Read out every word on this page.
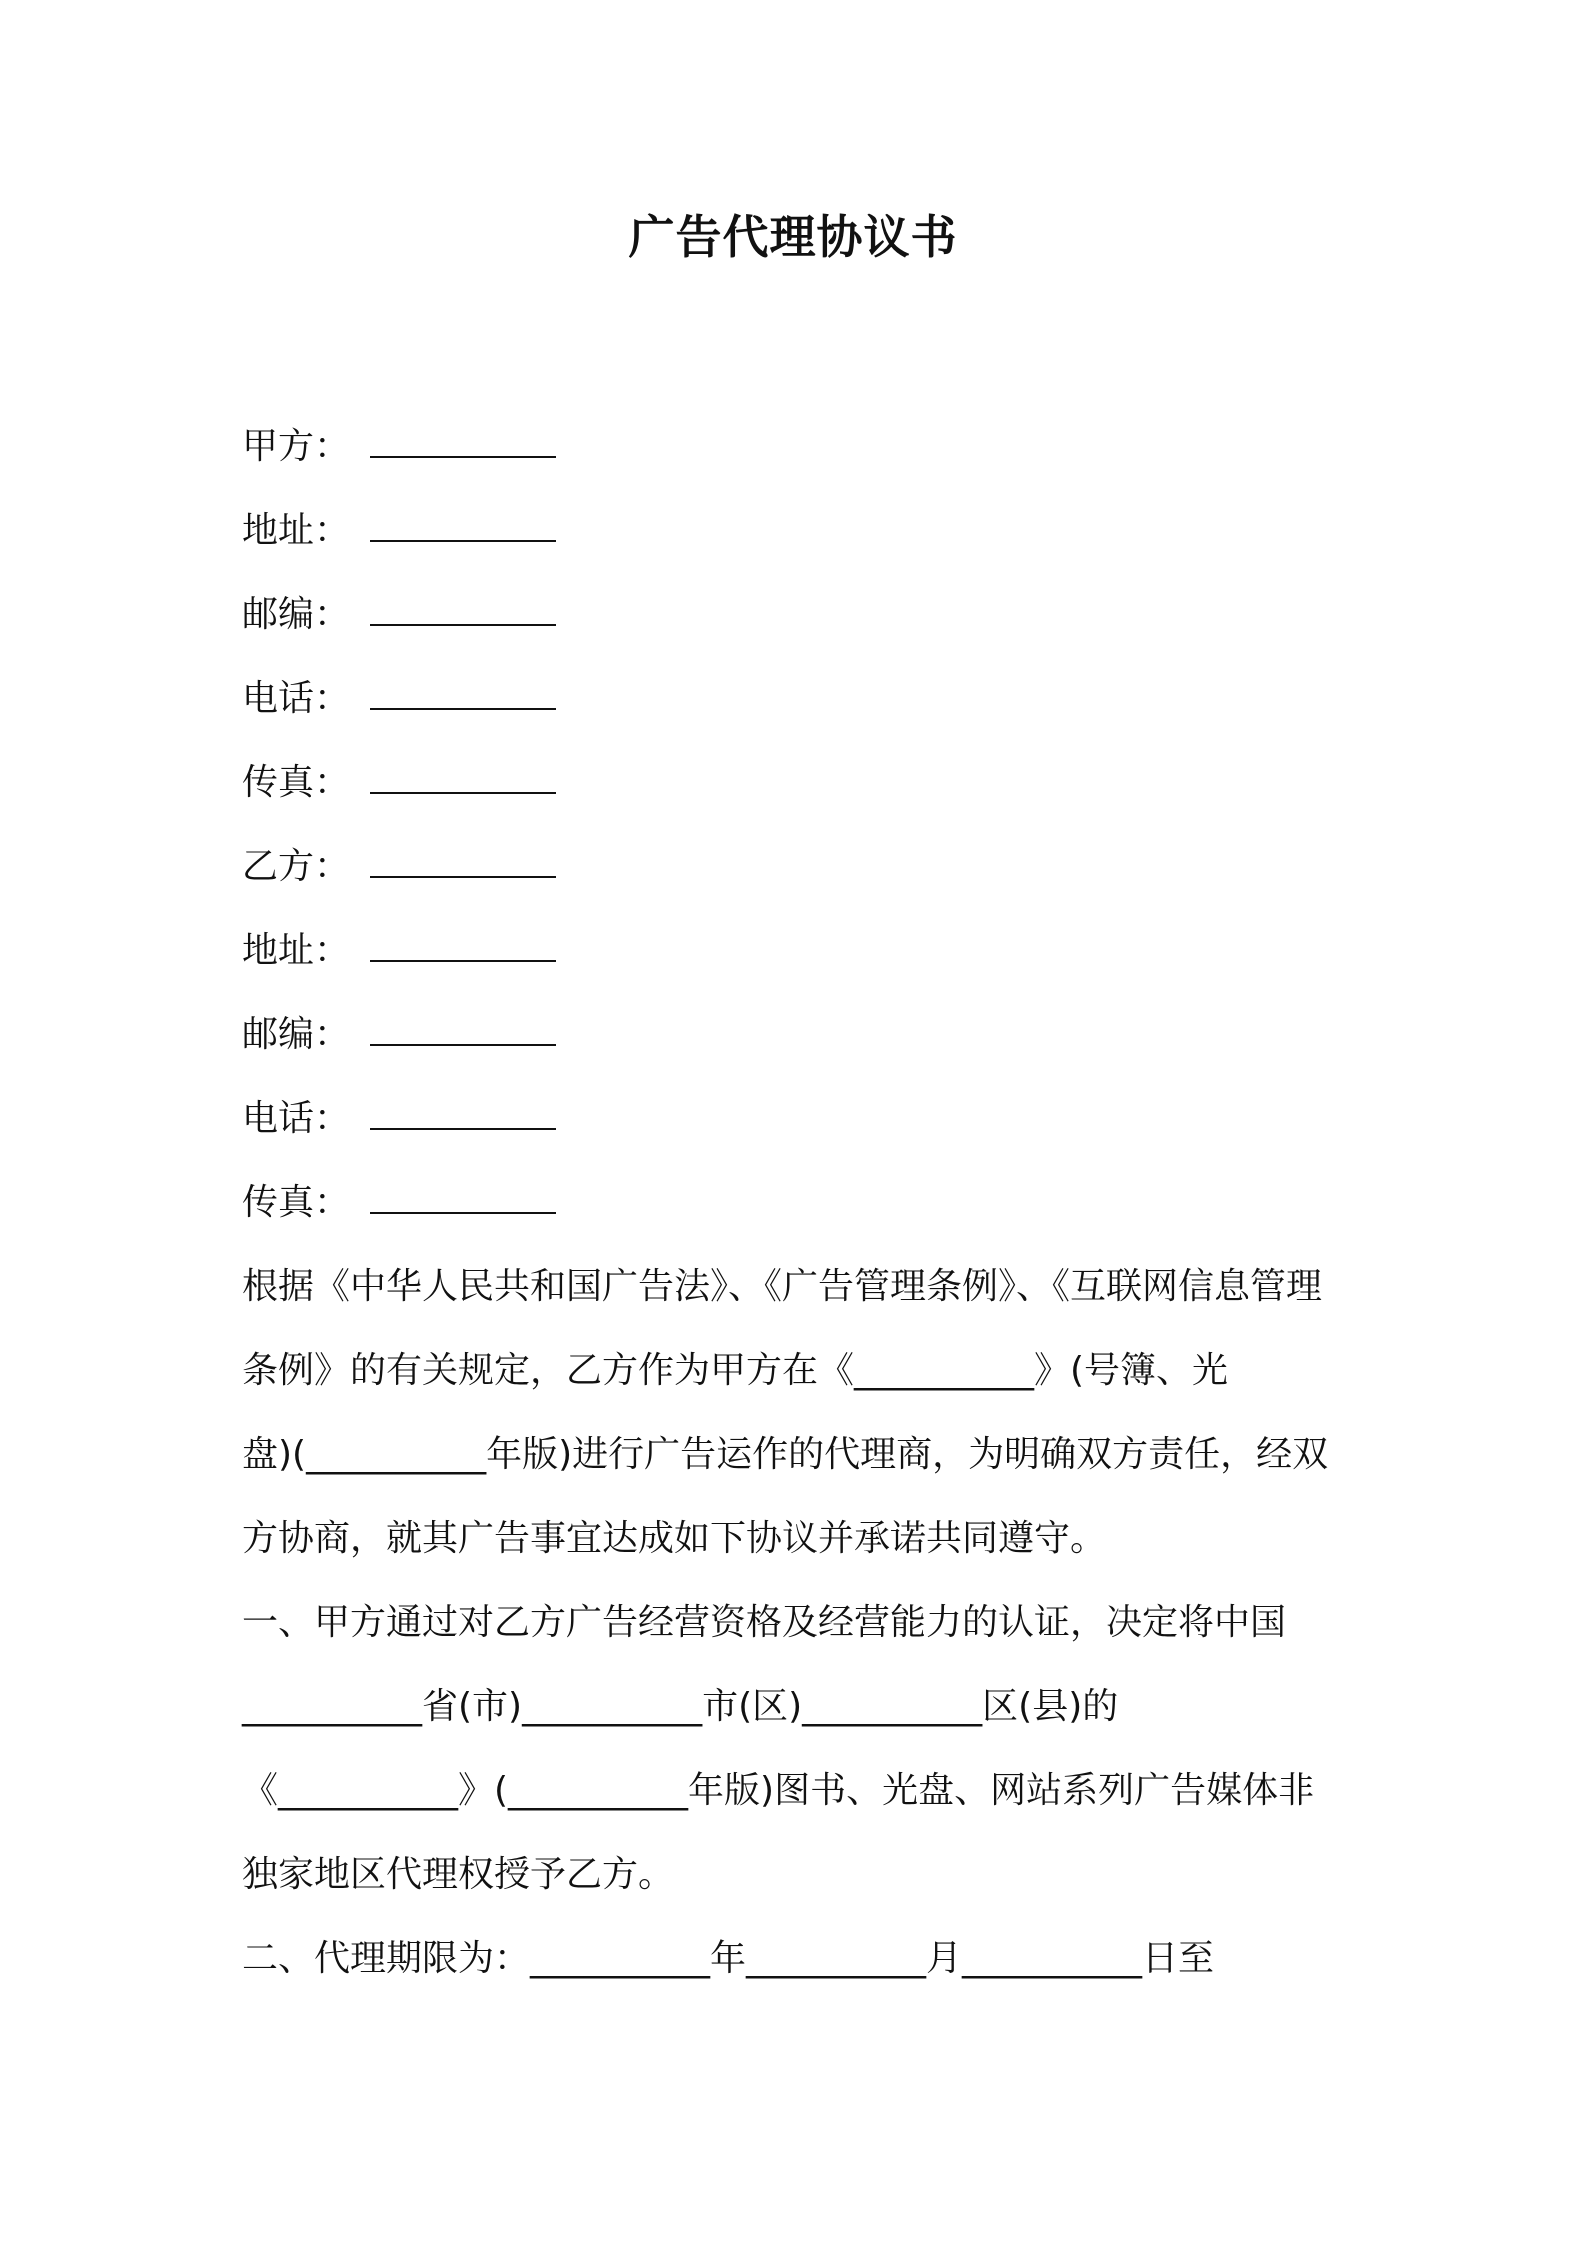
广告代理协议书
甲方：
地址：
邮编：
电话：
传真：
乙方：
地址：
邮编：
电话：
传真：
根据《中华人民共和国广告法》、《广告管理条例》、《互联网信息管理
条例》的有关规定，乙方作为甲方在《__________》(号簿、光
盘)(__________年版)进行广告运作的代理商，为明确双方责任，经双
方协商，就其广告事宜达成如下协议并承诺共同遵守。
一、甲方通过对乙方广告经营资格及经营能力的认证，决定将中国
__________省(市)__________市(区)__________区(县)的
《__________》(__________年版)图书、光盘、网站系列广告媒体非
独家地区代理权授予乙方。
二、代理期限为：__________年__________月__________日至
